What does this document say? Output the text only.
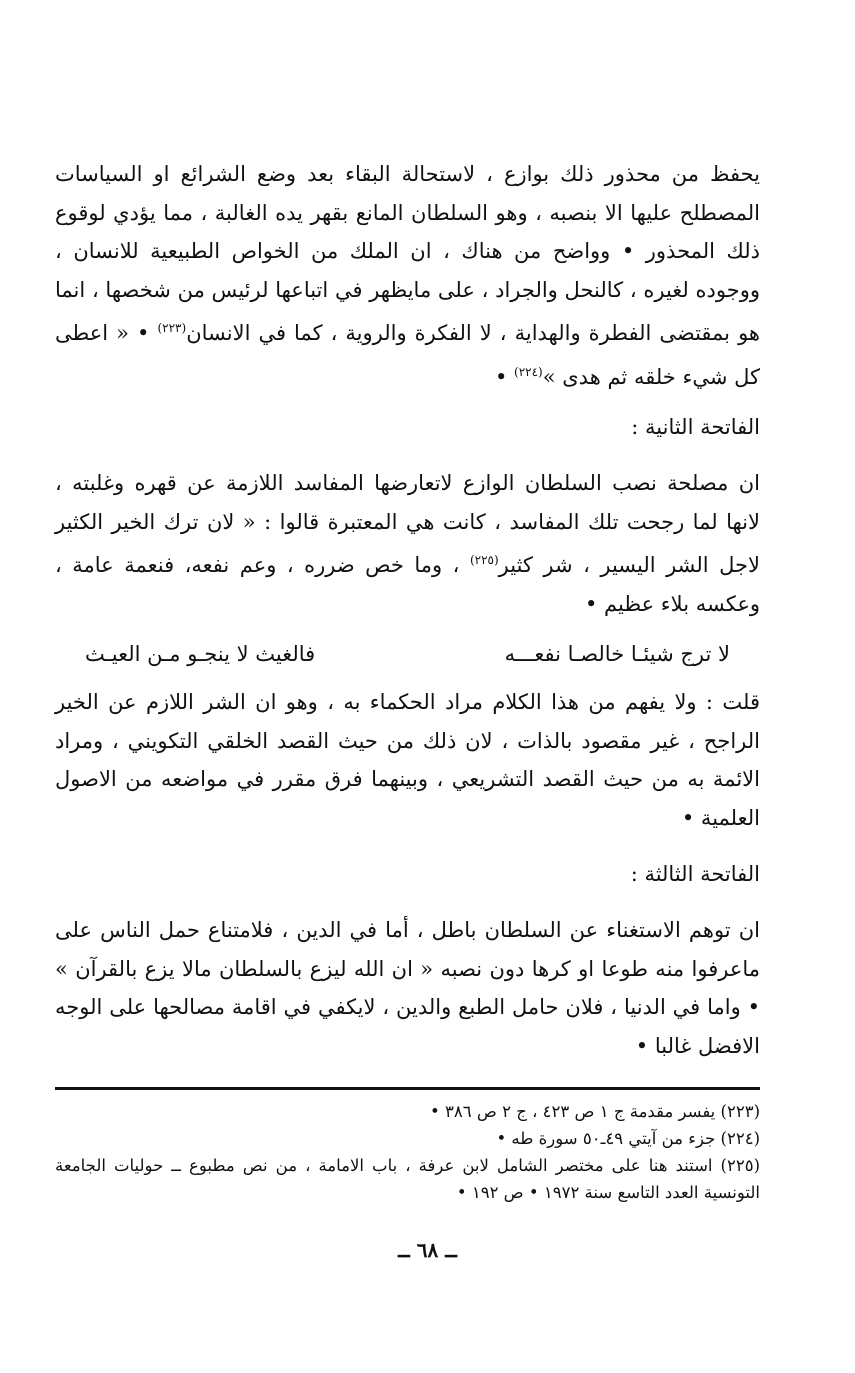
يحفظ من محذور ذلك بوازع ، لاستحالة البقاء بعد وضع الشرائع او السياسات المصطلح عليها الا بنصبه ، وهو السلطان المانع بقهر يده الغالبة ، مما يؤدي لوقوع ذلك المحذور • وواضح من هناك ، ان الملك من الخواص الطبيعية للانسان ، ووجوده لغيره ، كالنحل والجراد ، على مايظهر في اتباعها لرئيس من شخصها ، انما هو بمقتضى الفطرة والهداية ، لا الفكرة والروية ، كما في الانسان$^{(٢٢٣)}$ • « اعطى كل شيء خلقه ثم هدى »$^{(٢٢٤)}$ •

الفاتحة الثانية :

ان مصلحة نصب السلطان الوازع لاتعارضها المفاسد اللازمة عن قهره وغلبته ، لانها لما رجحت تلك المفاسد ، كانت هي المعتبرة قالوا : « لان ترك الخير الكثير لاجل الشر اليسير ، شر كثير$^{(٢٢٥)}$ ، وما خص ضرره ، وعم نفعه، فنعمة عامة ، وعكسه بلاء عظيم •

لا ترج شيئـا خالصـا نفعـــه
فالغيث لا ينجـو مـن العيـث

قلت : ولا يفهم من هذا الكلام مراد الحكماء به ، وهو ان الشر اللازم عن الخير الراجح ، غير مقصود بالذات ، لان ذلك من حيث القصد الخلقي التكويني ، ومراد الائمة به من حيث القصد التشريعي ، وبينهما فرق مقرر في مواضعه من الاصول العلمية •

الفاتحة الثالثة :

ان توهم الاستغناء عن السلطان باطل ، أما في الدين ، فلامتناع حمل الناس على ماعرفوا منه طوعا او كرها دون نصبه « ان الله ليزع بالسلطان مالا يزع بالقرآن » • واما في الدنيا ، فلان حامل الطبع والدين ، لايكفي في اقامة مصالحها على الوجه الافضل غالبا •

(٢٢٣) يفسر مقدمة ج ١ ص ٤٢٣ ، ج ٢ ص ٣٨٦ •

(٢٢٤) جزء من آيتي ٤٩ـ٥٠ سورة طه •

(٢٢٥) استند هنا على مختصر الشامل لابن عرفة ، باب الامامة ، من نص مطبوع ــ حوليات الجامعة التونسية العدد التاسع سنة ١٩٧٢ • ص ١٩٢ •

ــ ٦٨ ــ
